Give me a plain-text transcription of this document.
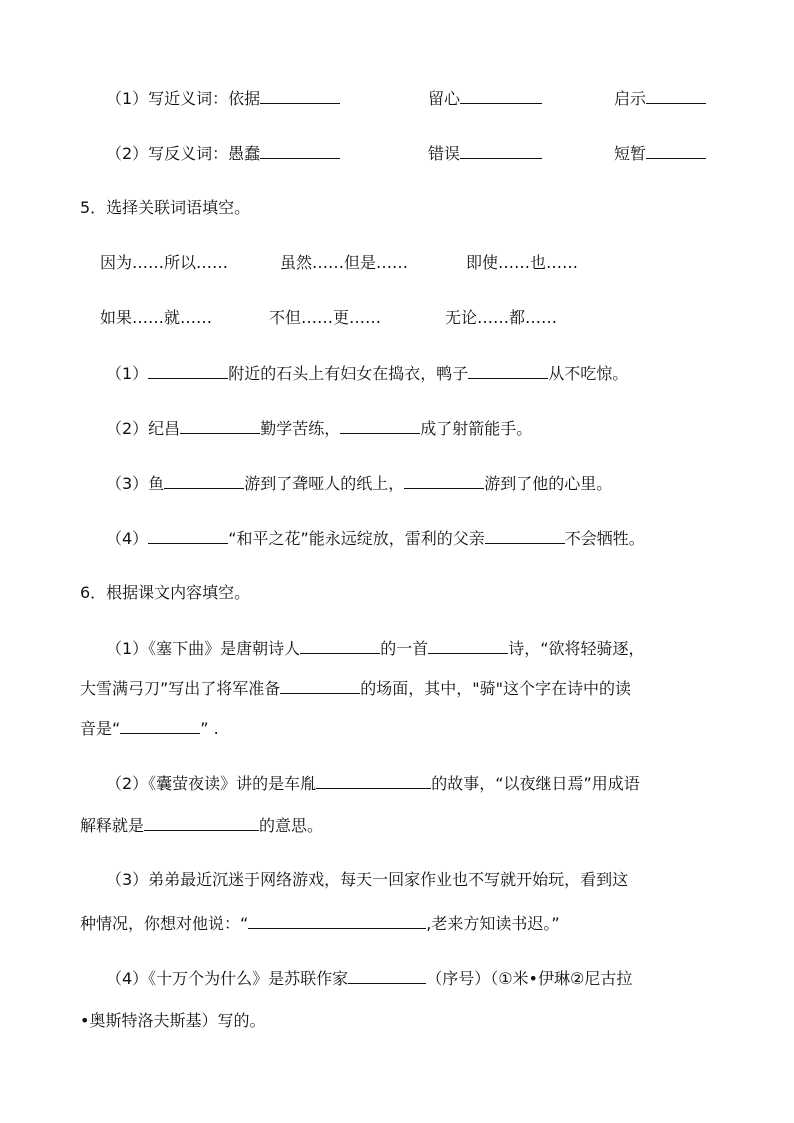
（1）写近义词：依据	留心	启示
（2）写反义词：愚蠢	错误	短暂
5．选择关联词语填空。
因为……所以……	虽然……但是……	即使……也……
如果……就……	不但……更……	无论……都……
（1）	附近的石头上有妇女在捣衣，鸭子	从不吃惊。
（2）纪昌	勤学苦练，	成了射箭能手。
（3）鱼	游到了聋哑人的纸上，	游到了他的心里。
（4）	“和平之花”能永远绽放，雷利的父亲	不会牺牲。
6．根据课文内容填空。
（1）《塞下曲》是唐朝诗人	的一首	诗，“欲将轻骑逐，
大雪满弓刀”写出了将军准备	的场面，其中，"骑"这个字在诗中的读
音是“	” .
（2）《囊萤夜读》讲的是车胤	的故事，“以夜继日焉”用成语
解释就是	的意思。
（3）弟弟最近沉迷于网络游戏，每天一回家作业也不写就开始玩，看到这
种情况，你想对他说：“	,老来方知读书迟。”
（4）《十万个为什么》是苏联作家	（序号）（①米•伊琳②尼古拉
•奥斯特洛夫斯基）写的。
